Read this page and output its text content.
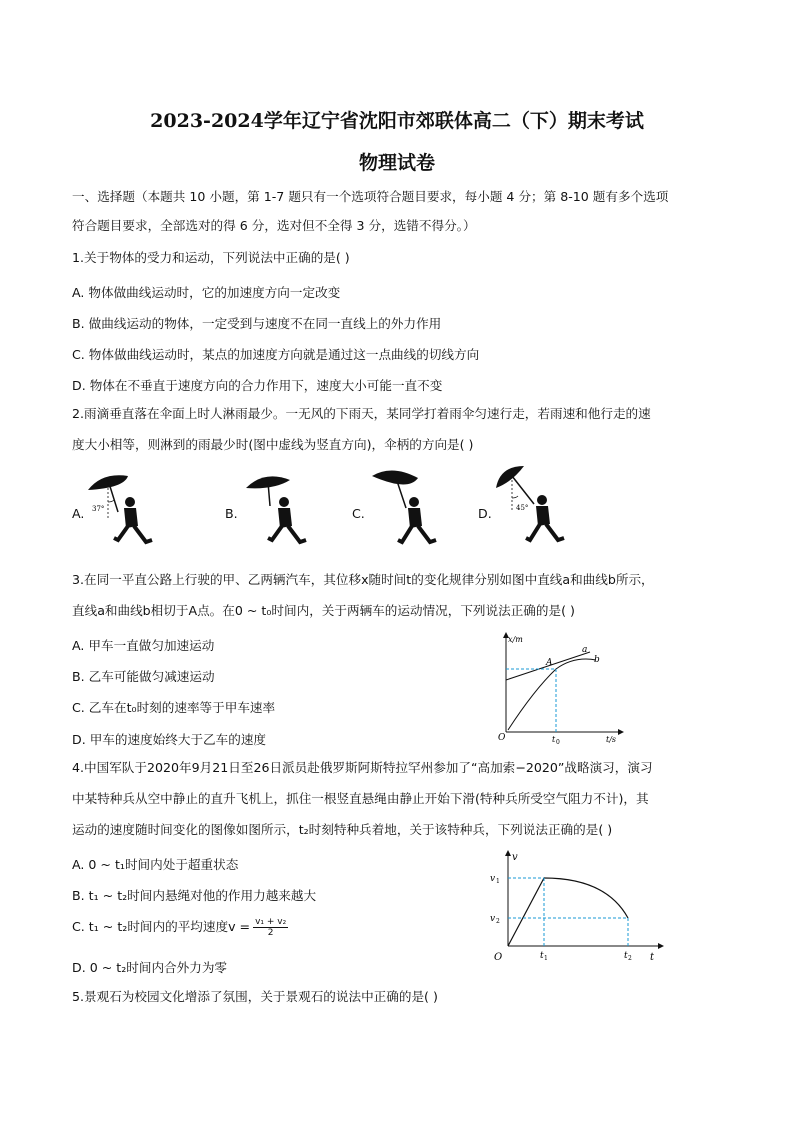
2023-2024学年辽宁省沈阳市郊联体高二（下）期末考试
物理试卷
一、选择题（本题共 10 小题，第 1-7 题只有一个选项符合题目要求，每小题 4 分；第 8-10 题有多个选项
符合题目要求，全部选对的得 6 分，选对但不全得 3 分，选错不得分。）
1.关于物体的受力和运动，下列说法中正确的是( )
A. 物体做曲线运动时，它的加速度方向一定改变
B. 做曲线运动的物体，一定受到与速度不在同一直线上的外力作用
C. 物体做曲线运动时，某点的加速度方向就是通过这一点曲线的切线方向
D. 物体在不垂直于速度方向的合力作用下，速度大小可能一直不变
2.雨滴垂直落在伞面上时人淋雨最少。一无风的下雨天，某同学打着雨伞匀速行走，若雨速和他行走的速
度大小相等，则淋到的雨最少时(图中虚线为竖直方向)，伞柄的方向是( )
A.	B.	C.	D.
37°	45°
3.在同一平直公路上行驶的甲、乙两辆汽车，其位移x随时间t的变化规律分别如图中直线a和曲线b所示，
直线a和曲线b相切于A点。在0 ~ t₀时间内，关于两辆车的运动情况，下列说法正确的是( )
A. 甲车一直做匀加速运动
B. 乙车可能做匀减速运动
C. 乙车在t₀时刻的速率等于甲车速率
D. 甲车的速度始终大于乙车的速度
x/m
t/s
O
A
t 0
a
b
4.中国军队于2020年9月21日至26日派员赴俄罗斯阿斯特拉罕州参加了“高加索−2020”战略演习，演习
中某特种兵从空中静止的直升飞机上，抓住一根竖直悬绳由静止开始下滑(特种兵所受空气阻力不计)，其
运动的速度随时间变化的图像如图所示，t₂时刻特种兵着地，关于该特种兵，下列说法正确的是( )
A. 0 ~ t₁时间内处于超重状态
B. t₁ ~ t₂时间内悬绳对他的作用力越来越大
C. t₁ ~ t₂时间内的平均速度$v = \frac{\text{v₁ + v₂}}{2}$
D. 0 ~ t₂时间内合外力为零
v
t
O
v 1
v 2
t 1	t 2
5.景观石为校园文化增添了氛围，关于景观石的说法中正确的是( )
